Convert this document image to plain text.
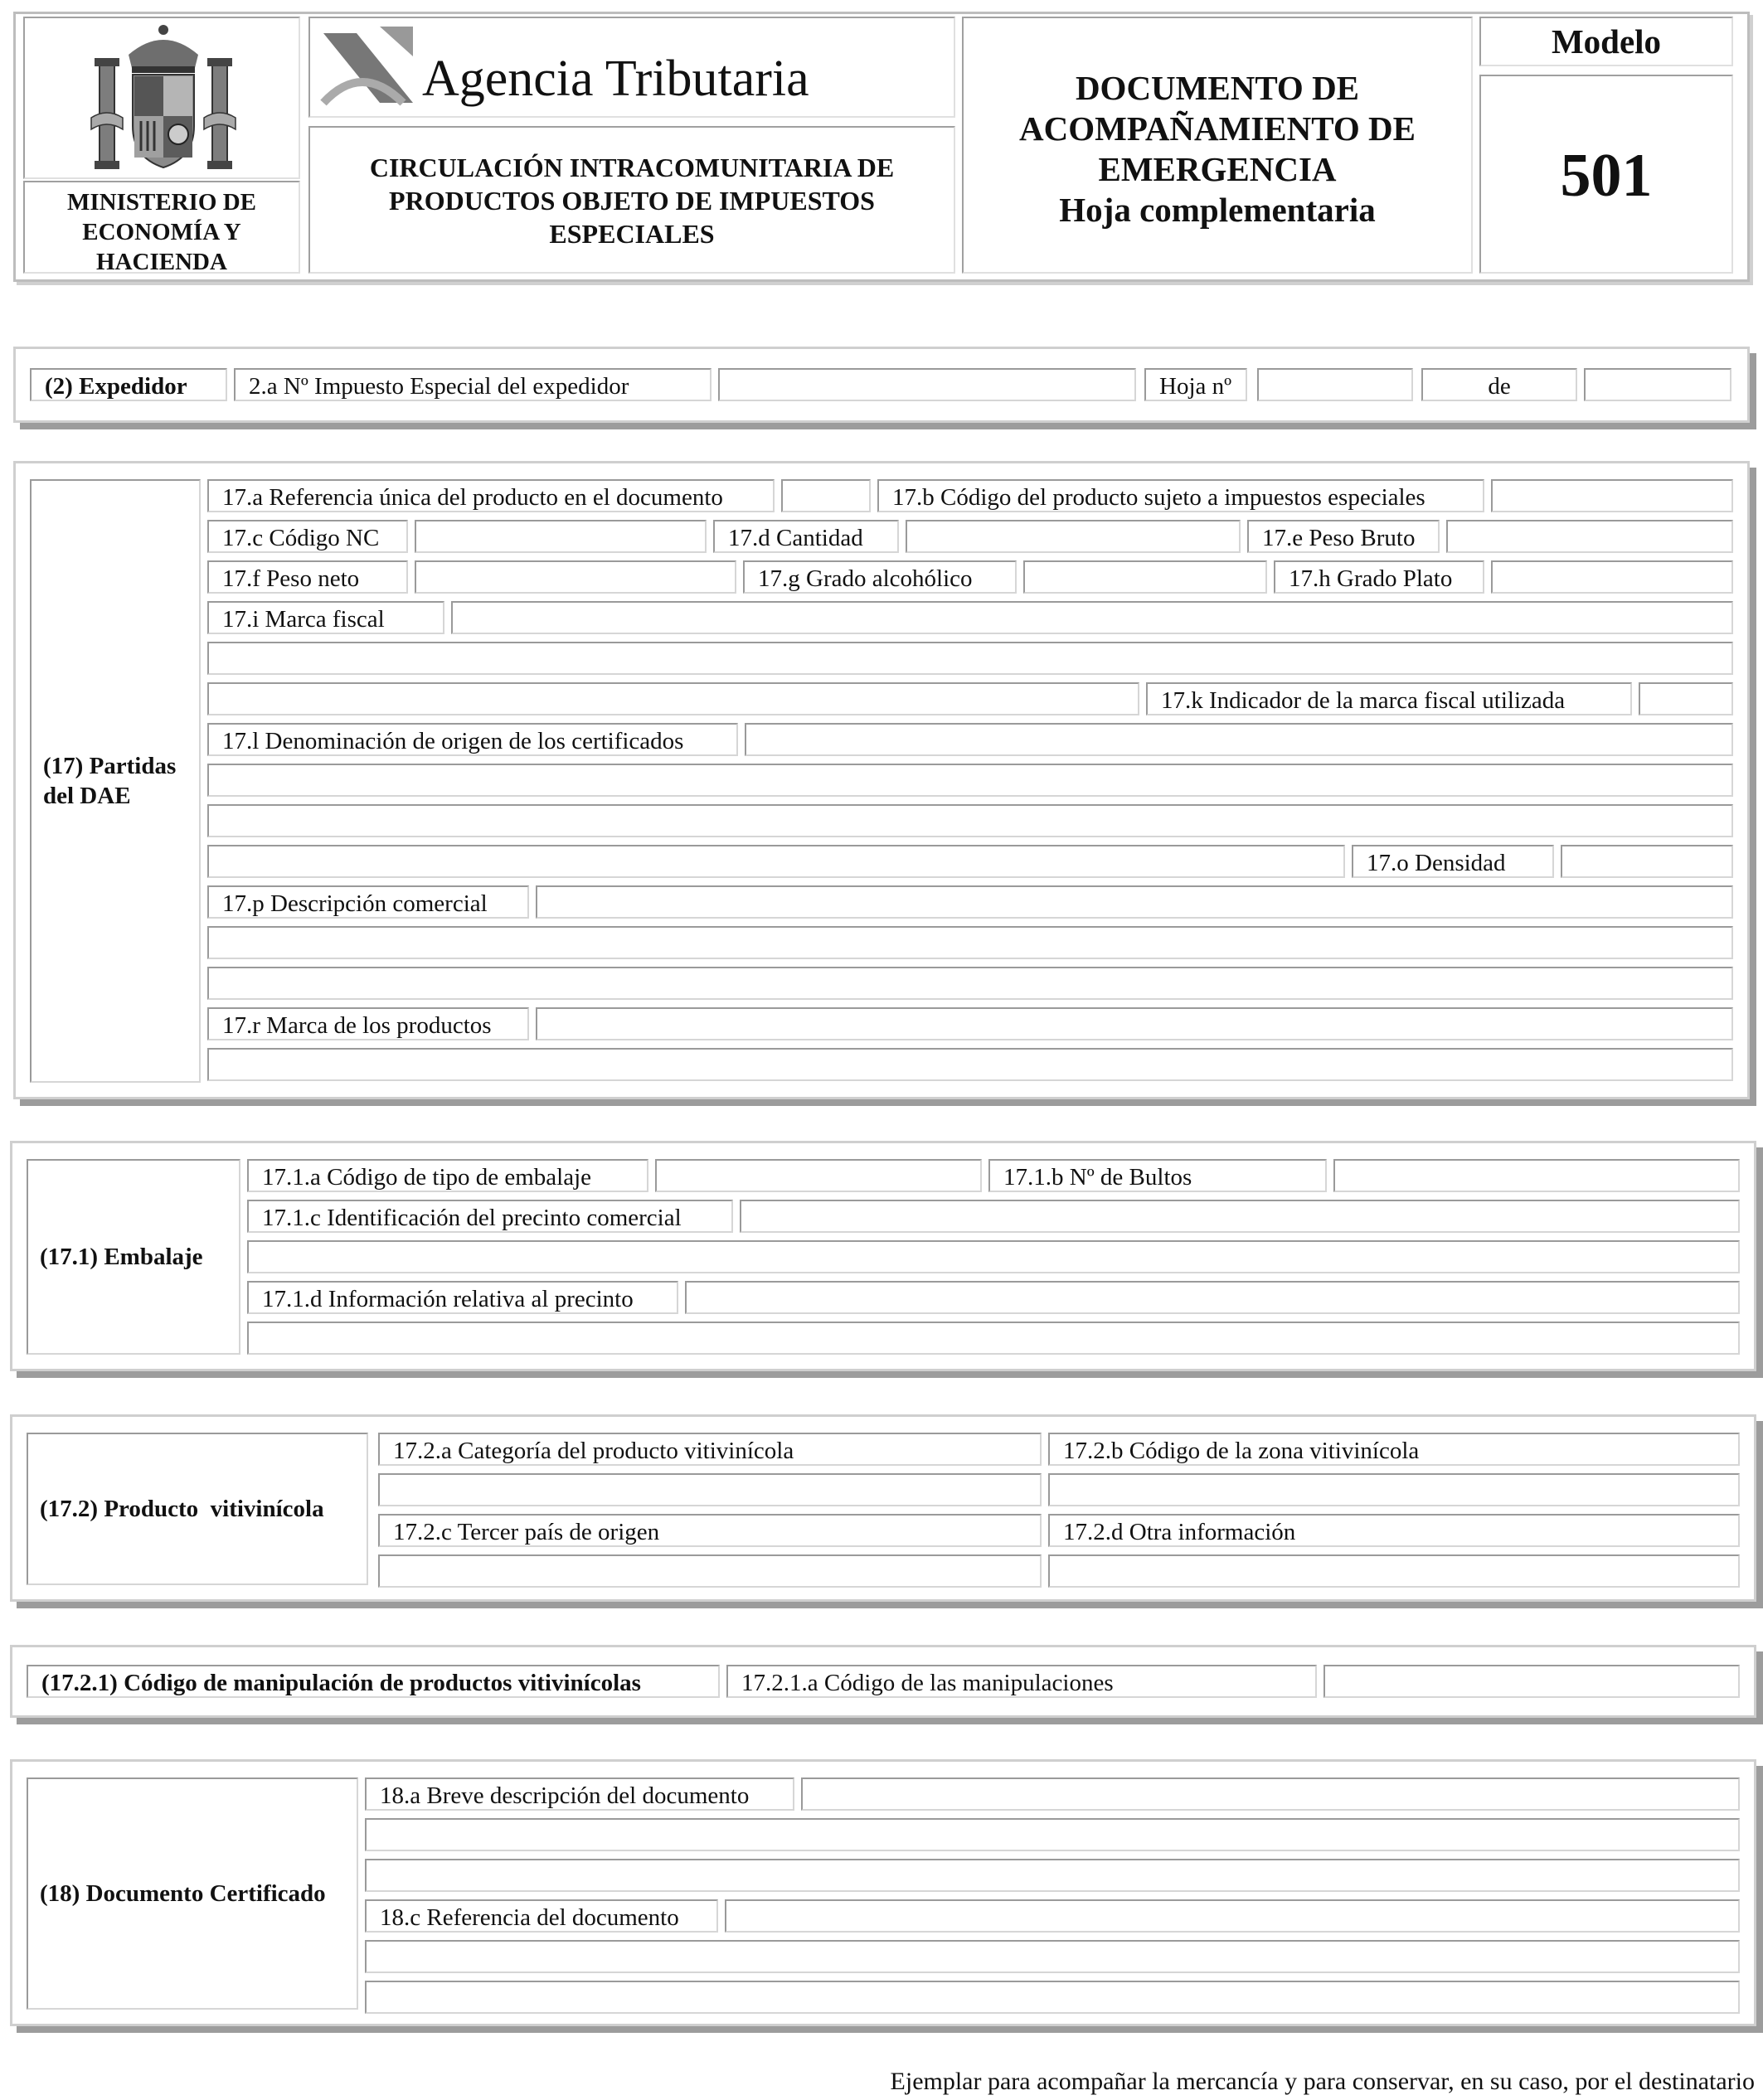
MINISTERIO DE ECONOMÍA Y HACIENDA
Agencia Tributaria
CIRCULACIÓN INTRACOMUNITARIA DE PRODUCTOS OBJETO DE IMPUESTOS ESPECIALES
DOCUMENTO DE
ACOMPAÑAMIENTO DE
EMERGENCIA
Hoja complementaria
Modelo
501
(2) Expedidor	2.a Nº Impuesto Especial del expedidor	Hoja nº	de
(17) Partidas del DAE
17.a Referencia única del producto en el documento	17.b Código del producto sujeto a impuestos especiales
17.c Código NC	17.d Cantidad	17.e Peso Bruto
17.f Peso neto	17.g Grado alcohólico	17.h Grado Plato
17.i Marca fiscal
17.k Indicador de la marca fiscal utilizada
17.l Denominación de origen de los certificados
17.o Densidad
17.p Descripción comercial
17.r Marca de los productos
(17.1) Embalaje
17.1.a Código de tipo de embalaje	17.1.b Nº de Bultos
17.1.c Identificación del precinto comercial
17.1.d Información relativa al precinto
(17.2) Producto  vitivinícola
17.2.a Categoría del producto vitivinícola	17.2.b Código de la zona vitivinícola
17.2.c Tercer país de origen	17.2.d Otra información
(17.2.1) Código de manipulación de productos vitivinícolas	17.2.1.a Código de las manipulaciones
(18) Documento Certificado
18.a Breve descripción del documento
18.c Referencia del documento
Ejemplar para acompañar la mercancía y para conservar, en su caso, por el destinatario
